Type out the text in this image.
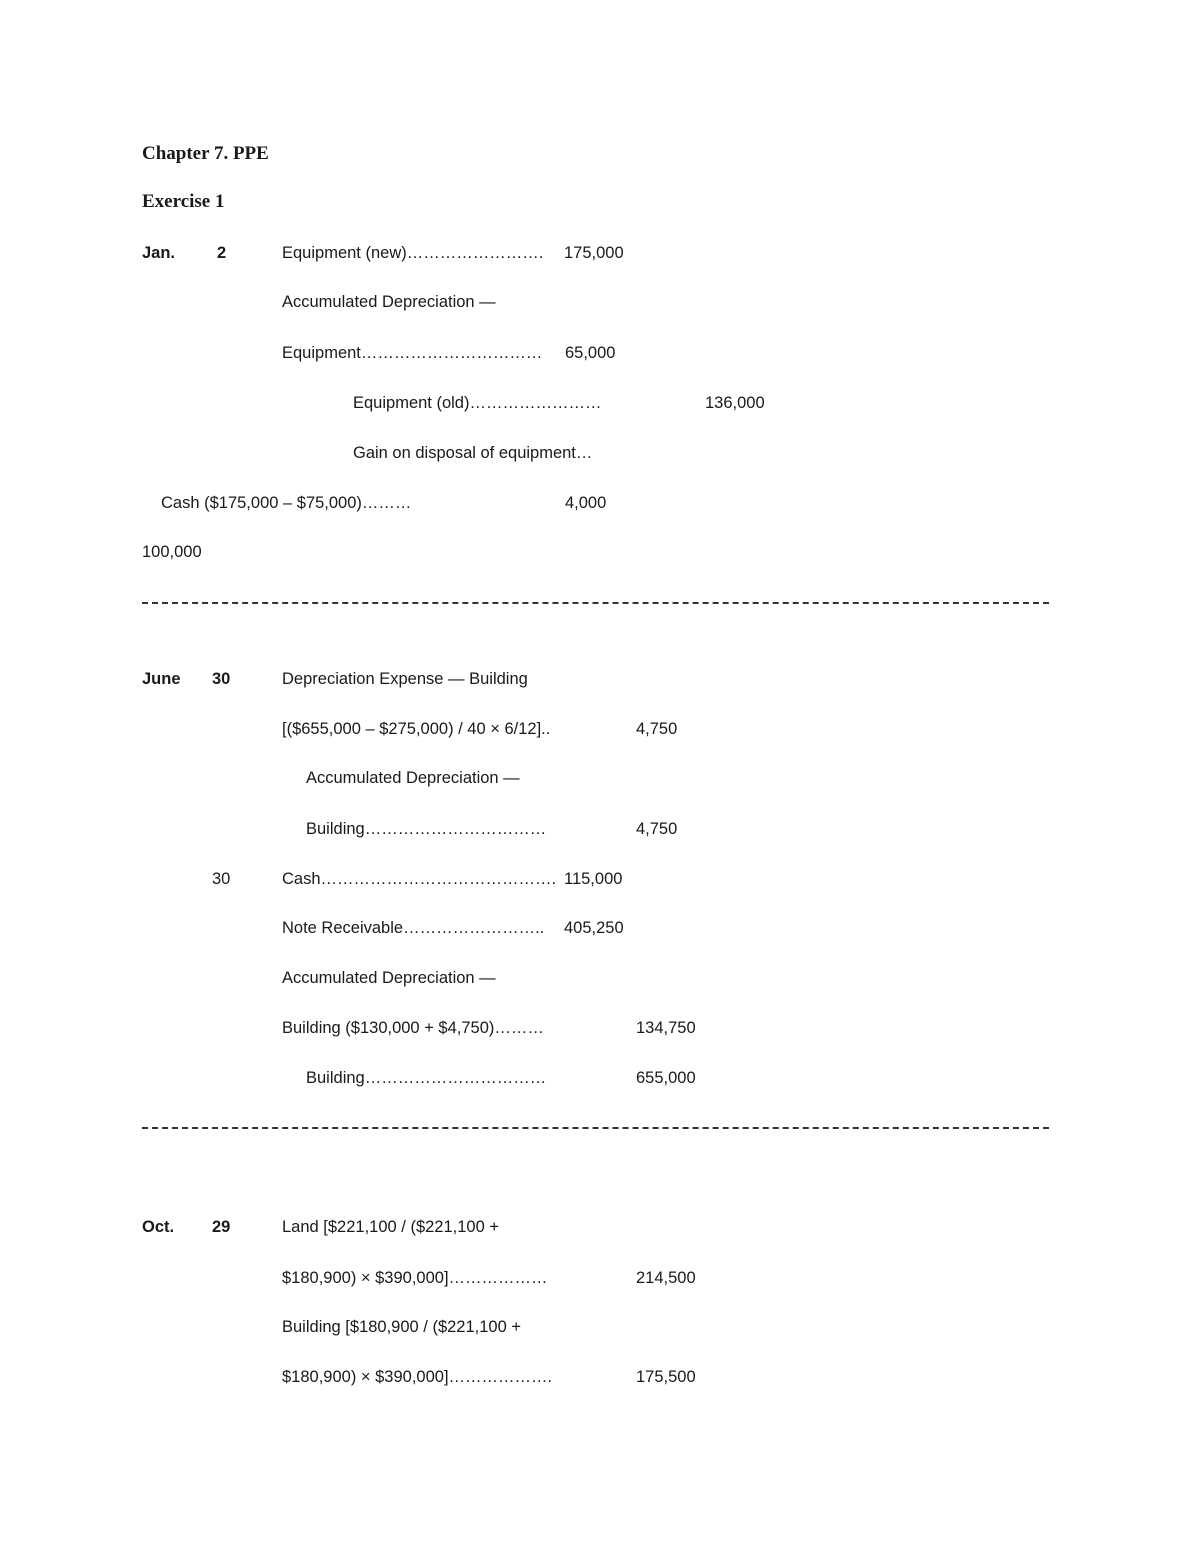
Chapter 7. PPE
Exercise 1
Jan.	2	Equipment (new)……………………. 175,000
Accumulated Depreciation —
Equipment…………………………… 65,000
Equipment (old)……………………	136,000
Gain on disposal of equipment…
Cash ($175,000 – $75,000)………	4,000
100,000
June 30	Depreciation Expense — Building
[($655,000 – $275,000) / 40 × 6/12]..	4,750
Accumulated Depreciation —
Building……………………………	4,750
30	Cash……………………………………. 115,000
Note Receivable…………………….. 405,250
Accumulated Depreciation —
Building ($130,000 + $4,750)………	134,750
Building……………………………	655,000
Oct. 29	Land [$221,100 / ($221,100 +
$180,900) × $390,000]………………	214,500
Building [$180,900 / ($221,100 +
$180,900) × $390,000]……………….	175,500
